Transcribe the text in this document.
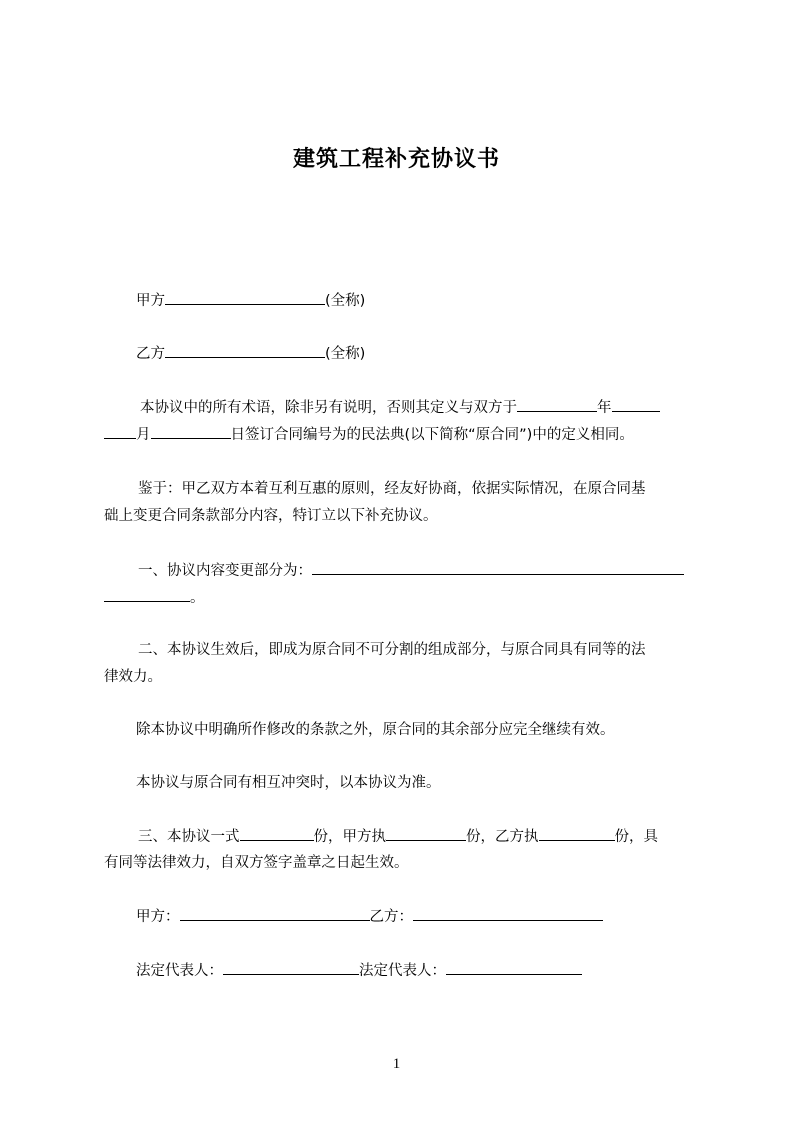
建筑工程补充协议书
甲方	(全称)
乙方	(全称)
本协议中的所有术语，除非另有说明，否则其定义与双方于	年
月	日签订合同编号为的民法典(以下简称“原合同”)中的定义相同。
鉴于：甲乙双方本着互利互惠的原则，经友好协商，依据实际情况，在原合同基
础上变更合同条款部分内容，特订立以下补充协议。
一、协议内容变更部分为：
。
二、本协议生效后，即成为原合同不可分割的组成部分，与原合同具有同等的法
律效力。
除本协议中明确所作修改的条款之外，原合同的其余部分应完全继续有效。
本协议与原合同有相互冲突时，以本协议为准。
三、本协议一式	份，甲方执	份，乙方执	份，具
有同等法律效力，自双方签字盖章之日起生效。
甲方：	乙方：
法定代表人：	法定代表人：
1
